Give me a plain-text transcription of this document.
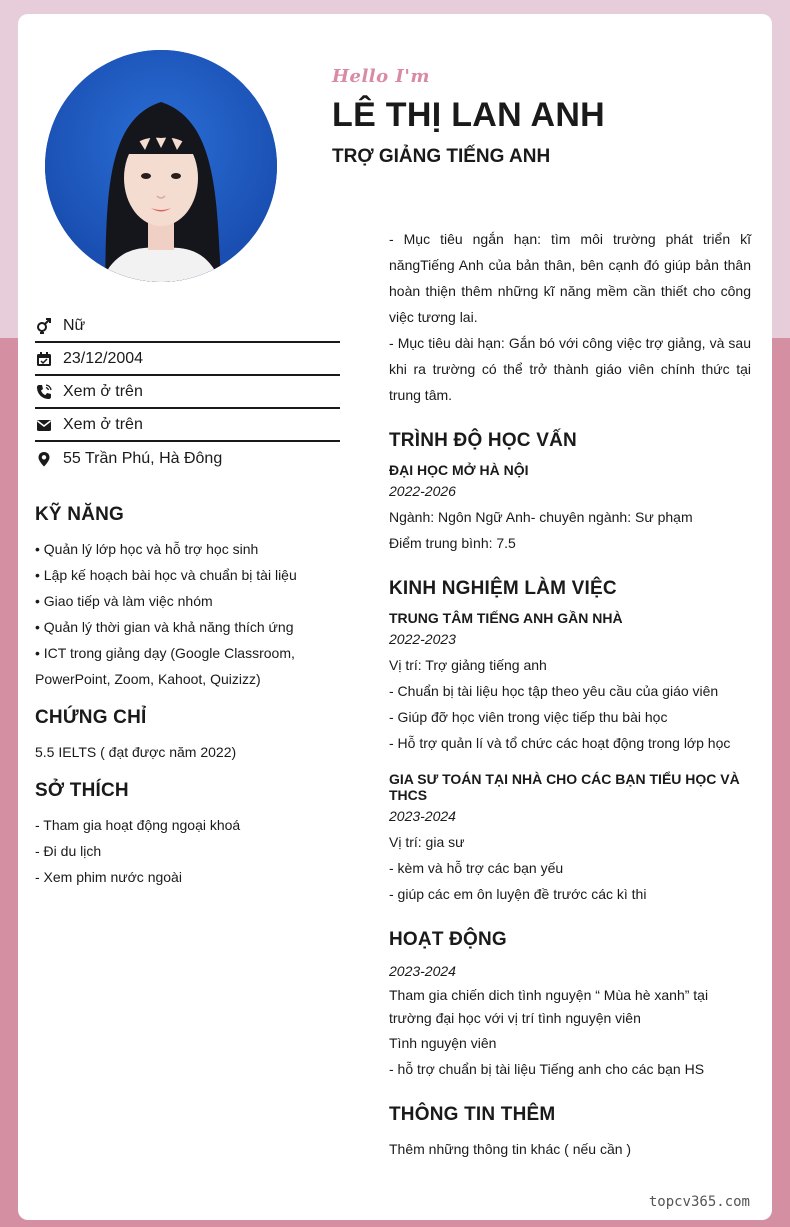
Hello I'm
LÊ THỊ LAN ANH
TRỢ GIẢNG TIẾNG ANH
Nữ
23/12/2004
Xem ở trên
Xem ở trên
55 Trần Phú, Hà Đông
KỸ NĂNG

• Quản lý lớp học và hỗ trợ học sinh

• Lập kế hoạch bài học và chuẩn bị tài liệu

• Giao tiếp và làm việc nhóm

• Quản lý thời gian và khả năng thích ứng

• ICT trong giảng dạy (Google Classroom, PowerPoint, Zoom, Kahoot, Quizizz)

CHỨNG CHỈ

5.5 IELTS ( đạt được năm 2022)

SỞ THÍCH

- Tham gia hoạt động ngoại khoá

- Đi du lịch

- Xem phim nước ngoài

- Mục tiêu ngắn hạn: tìm môi trường phát triển kĩ năngTiếng Anh của bản thân, bên cạnh đó giúp bản thân hoàn thiện thêm những kĩ năng mềm cần thiết cho công việc tương lai.

- Mục tiêu dài hạn: Gắn bó với công việc trợ giảng, và sau khi ra trường có thể trở thành giáo viên chính thức tại trung tâm.

TRÌNH ĐỘ HỌC VẤN

ĐẠI HỌC MỞ HÀ NỘI

2022-2026

Ngành: Ngôn Ngữ Anh- chuyên ngành: Sư phạm

Điểm trung bình: 7.5

KINH NGHIỆM LÀM VIỆC

TRUNG TÂM TIẾNG ANH GẦN NHÀ

2022-2023

Vị trí: Trợ giảng tiếng anh

- Chuẩn bị tài liệu học tập theo yêu cầu của giáo viên

- Giúp đỡ học viên trong việc tiếp thu bài học

- Hỗ trợ quản lí và tổ chức các hoạt động trong lớp học

GIA SƯ TOÁN TẠI NHÀ CHO CÁC BẠN TIỂU HỌC VÀ THCS

2023-2024

Vị trí: gia sư

- kèm và hỗ trợ các bạn yếu

- giúp các em ôn luyện đề trước các kì thi

HOẠT ĐỘNG

2023-2024

Tham gia chiến dich tình nguyện “ Mùa hè xanh” tại trường đại học với vị trí tình nguyện viên

Tình nguyện viên

- hỗ trợ chuẩn bị tài liệu Tiếng anh cho các bạn HS

THÔNG TIN THÊM

Thêm những thông tin khác ( nếu cần )

topcv365.com
